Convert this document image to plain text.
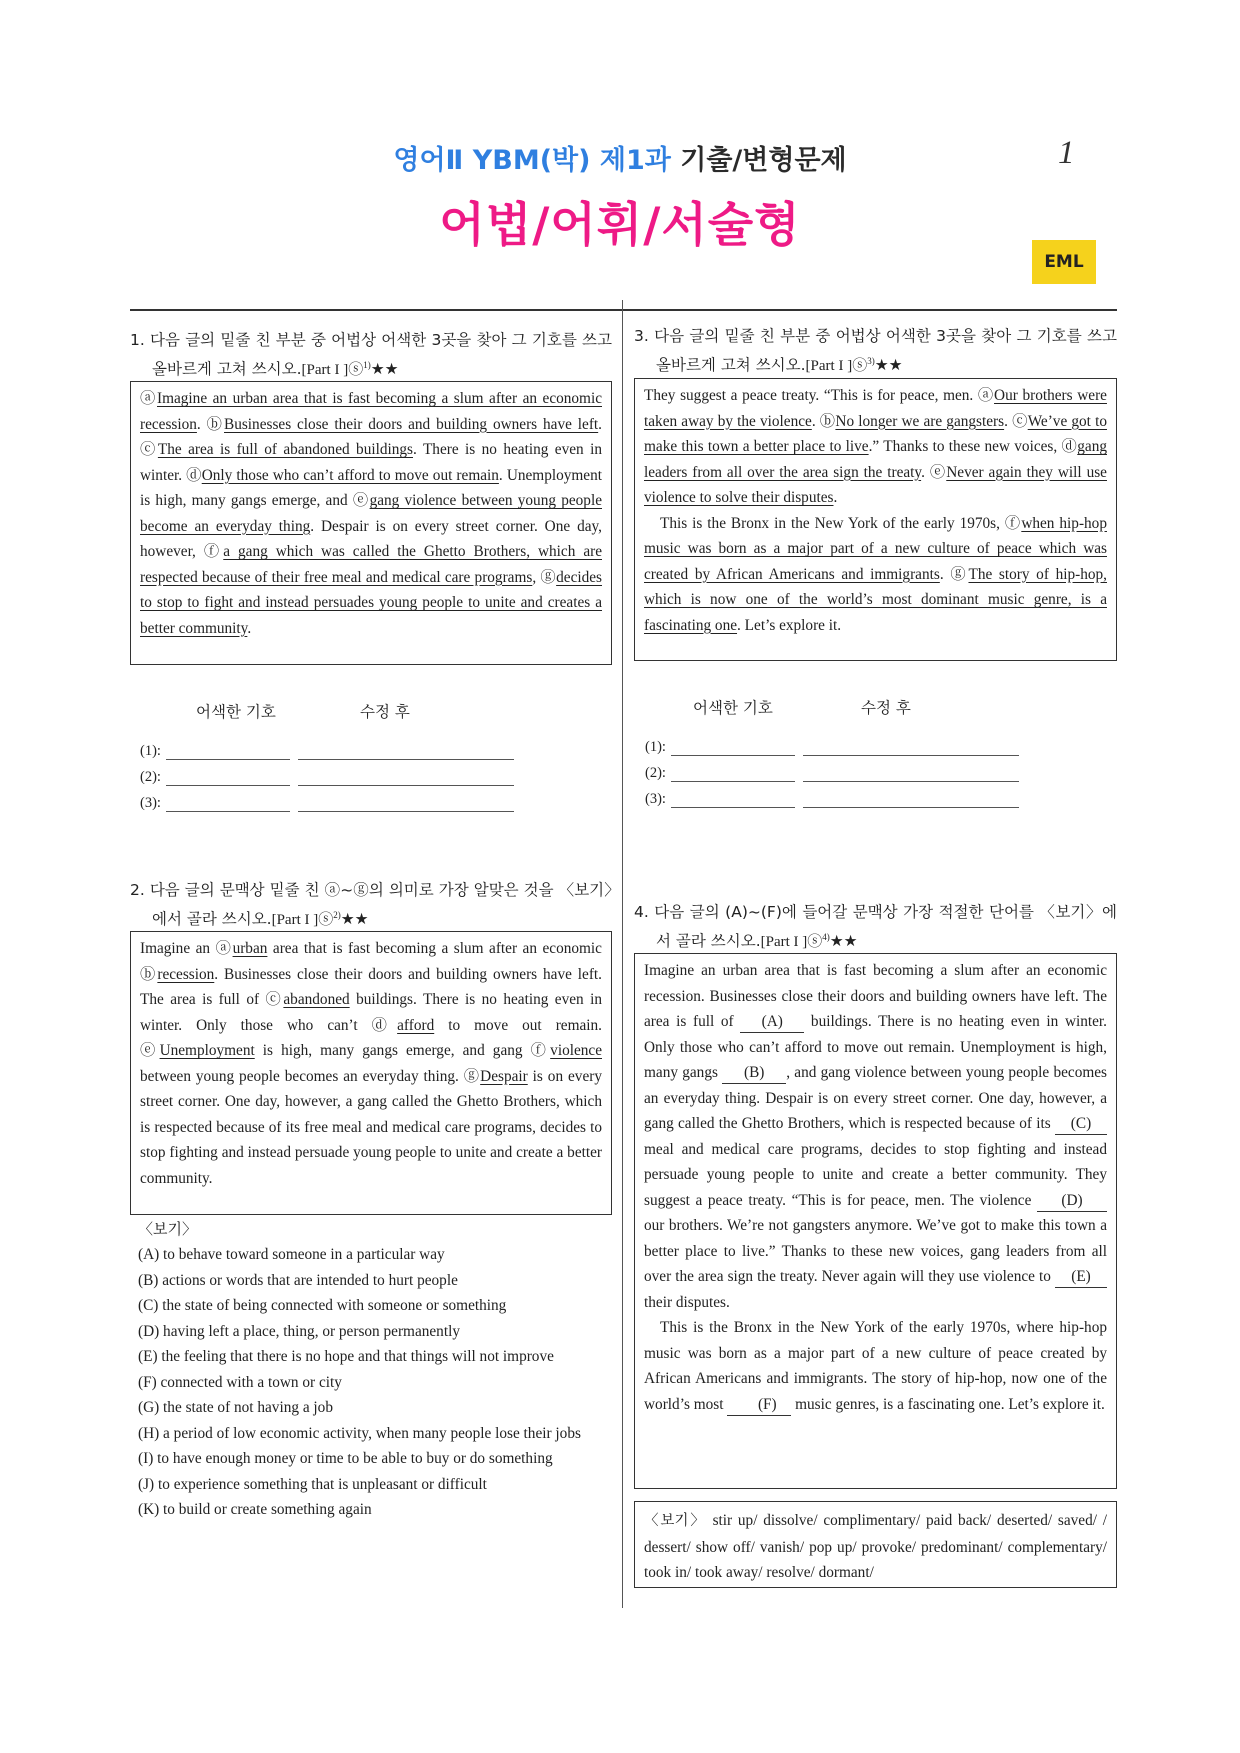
영어Ⅱ YBM(박) 제1과 기출/변형문제	1
어법/어휘/서술형
EML
1. 다음 글의 밑줄 친 부분 중 어법상 어색한 3곳을 찾아 그 기호를 쓰고 올바르게 고쳐 쓰시오.[Part I ]ⓢ$^{1)}$★★

ⓐImagine an urban area that is fast becoming a slum after an economic recession. ⓑBusinesses close their doors and building owners have left. ⓒThe area is full of abandoned buildings. There is no heating even in winter. ⓓOnly those who can’t afford to move out remain. Unemployment is high, many gangs emerge, and ⓔgang violence between young people become an everyday thing. Despair is on every street corner. One day, however, ⓕa gang which was called the Ghetto Brothers, which are respected because of their free meal and medical care programs, ⓖdecides to stop to fight and instead persuades young people to unite and creates a better community.

어색한 기호	수정 후
(1):
(2):
(3):
2. 다음 글의 문맥상 밑줄 친 ⓐ~ⓖ의 의미로 가장 알맞은 것을 〈보기〉에서 골라 쓰시오.[Part I ]ⓢ$^{2)}$★★

Imagine an ⓐurban area that is fast becoming a slum after an economic ⓑrecession. Businesses close their doors and building owners have left. The area is full of ⓒabandoned buildings. There is no heating even in winter. Only those who can’t ⓓafford to move out remain. ⓔUnemployment is high, many gangs emerge, and gang ⓕviolence between young people becomes an everyday thing. ⓖDespair is on every street corner. One day, however, a gang called the Ghetto Brothers, which is respected because of its free meal and medical care programs, decides to stop fighting and instead persuade young people to unite and create a better community.

〈보기〉
(A) to behave toward someone in a particular way
(B) actions or words that are intended to hurt people
(C) the state of being connected with someone or something
(D) having left a place, thing, or person permanently
(E) the feeling that there is no hope and that things will not improve
(F) connected with a town or city
(G) the state of not having a job
(H) a period of low economic activity, when many people lose their jobs
(I) to have enough money or time to be able to buy or do something
(J) to experience something that is unpleasant or difficult
(K) to build or create something again
3. 다음 글의 밑줄 친 부분 중 어법상 어색한 3곳을 찾아 그 기호를 쓰고 올바르게 고쳐 쓰시오.[Part I ]ⓢ$^{3)}$★★

They suggest a peace treaty. “This is for peace, men. ⓐOur brothers were taken away by the violence. ⓑNo longer we are gangsters. ⓒWe’ve got to make this town a better place to live.” Thanks to these new voices, ⓓgang leaders from all over the area sign the treaty. ⓔNever again they will use violence to solve their disputes.

This is the Bronx in the New York of the early 1970s, ⓕwhen hip-hop music was born as a major part of a new culture of peace which was created by African Americans and immigrants. ⓖThe story of hip-hop, which is now one of the world’s most dominant music genre, is a fascinating one. Let’s explore it.

어색한 기호	수정 후
(1):
(2):
(3):
4. 다음 글의 (A)~(F)에 들어갈 문맥상 가장 적절한 단어를 〈보기〉에서 골라 쓰시오.[Part I ]ⓢ$^{4)}$★★

Imagine an urban area that is fast becoming a slum after an economic recession. Businesses close their doors and building owners have left. The area is full of (A) buildings. There is no heating even in winter. Only those who can’t afford to move out remain. Unemployment is high, many gangs (B) , and gang violence between young people becomes an everyday thing. Despair is on every street corner. One day, however, a gang called the Ghetto Brothers, which is respected because of its (C) meal and medical care programs, decides to stop fighting and instead persuade young people to unite and create a better community. They suggest a peace treaty. “This is for peace, men. The violence (D) our brothers. We’re not gangsters anymore. We’ve got to make this town a better place to live.” Thanks to these new voices, gang leaders from all over the area sign the treaty. Never again will they use violence to (E) their disputes.

This is the Bronx in the New York of the early 1970s, where hip-hop music was born as a major part of a new culture of peace created by African Americans and immigrants. The story of hip-hop, now one of the world’s most (F) music genres, is a fascinating one. Let’s explore it.

〈보기〉 stir up/ dissolve/ complimentary/ paid back/ deserted/ saved/ / dessert/ show off/ vanish/ pop up/ provoke/ predominant/ complementary/ took in/ took away/ resolve/ dormant/
